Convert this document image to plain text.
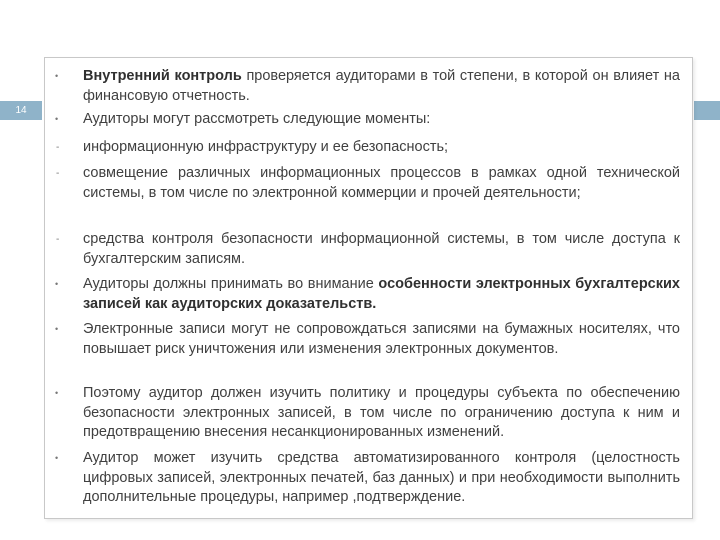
14
• Внутренний контроль проверяется аудиторами в той степени, в которой он влияет на финансовую отчетность.
• Аудиторы могут рассмотреть следующие моменты:
- информационную инфраструктуру и ее безопасность;
- совмещение различных информационных процессов в рамках одной технической системы, в том числе по электронной коммерции и прочей деятельности;
- средства контроля безопасности информационной системы, в том числе доступа к бухгалтерским записям.
• Аудиторы должны принимать во внимание особенности электронных бухгалтерских записей как аудиторских доказательств.
• Электронные записи могут не сопровождаться записями на бумажных носителях, что повышает риск уничтожения или изменения электронных документов.
• Поэтому аудитор должен изучить политику и процедуры субъекта по обеспечению безопасности электронных записей, в том числе по ограничению доступа к ним и предотвращению внесения несанкционированных изменений.
• Аудитор может изучить средства автоматизированного контроля (целостность цифровых записей, электронных печатей, баз данных) и при необходимости выполнить дополнительные процедуры, например ,подтверждение.
